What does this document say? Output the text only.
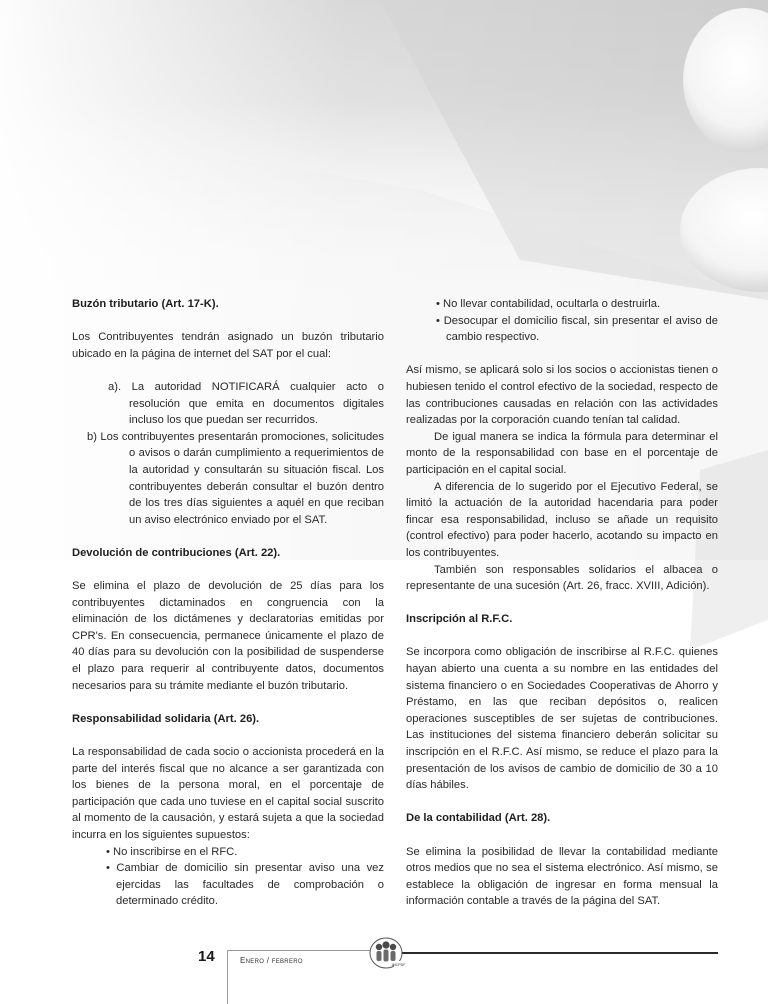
Buzón tributario (Art. 17-K).

Los Contribuyentes tendrán asignado un buzón tributario ubicado en la página de internet del SAT por el cual:

a). La autoridad NOTIFICARÁ cualquier acto o resolución que emita en documentos digitales incluso los que puedan ser recurridos.
b) Los contribuyentes presentarán promociones, solicitudes o avisos o darán cumplimiento a requerimientos de la autoridad y consultarán su situación fiscal. Los contribuyentes deberán consultar el buzón dentro de los tres días siguientes a aquél en que reciban un aviso electrónico enviado por el SAT.
Devolución de contribuciones (Art. 22).

Se elimina el plazo de devolución de 25 días para los contribuyentes dictaminados en congruencia con la eliminación de los dictámenes y declaratorias emitidas por CPR's. En consecuencia, permanece únicamente el plazo de 40 días para su devolución con la posibilidad de suspenderse el plazo para requerir al contribuyente datos, documentos necesarios para su trámite mediante el buzón tributario.

Responsabilidad solidaria (Art. 26).

La responsabilidad de cada socio o accionista procederá en la parte del interés fiscal que no alcance a ser garantizada con los bienes de la persona moral, en el porcentaje de participación que cada uno tuviese en el capital social suscrito al momento de la causación, y estará sujeta a que la sociedad incurra en los siguientes supuestos:

• No inscribirse en el RFC.
• Cambiar de domicilio sin presentar aviso una vez ejercidas las facultades de comprobación o determinado crédito.
• No llevar contabilidad, ocultarla o destruirla.
• Desocupar el domicilio fiscal, sin presentar el aviso de cambio respectivo.

Así mismo, se aplicará solo si los socios o accionistas tienen o hubiesen tenido el control efectivo de la sociedad, respecto de las contribuciones causadas en relación con las actividades realizadas por la corporación cuando tenían tal calidad.

De igual manera se indica la fórmula para determinar el monto de la responsabilidad con base en el porcentaje de participación en el capital social.

A diferencia de lo sugerido por el Ejecutivo Federal, se limitó la actuación de la autoridad hacendaria para poder fincar esa responsabilidad, incluso se añade un requisito (control efectivo) para poder hacerlo, acotando su impacto en los contribuyentes.

También son responsables solidarios el albacea o representante de una sucesión (Art. 26, fracc. XVIII, Adición).

Inscripción al R.F.C.

Se incorpora como obligación de inscribirse al R.F.C. quienes hayan abierto una cuenta a su nombre en las entidades del sistema financiero o en Sociedades Cooperativas de Ahorro y Préstamo, en las que reciban depósitos o, realicen operaciones susceptibles de ser sujetas de contribuciones. Las instituciones del sistema financiero deberán solicitar su inscripción en el R.F.C. Así mismo, se reduce el plazo para la presentación de los avisos de cambio de domicilio de 30 a 10 días hábiles.

De la contabilidad (Art. 28).

Se elimina la posibilidad de llevar la contabilidad mediante otros medios que no sea el sistema electrónico. Así mismo, se establece la obligación de ingresar en forma mensual la información contable a través de la página del SAT.

14	Enero / febrero	IMCPDF
